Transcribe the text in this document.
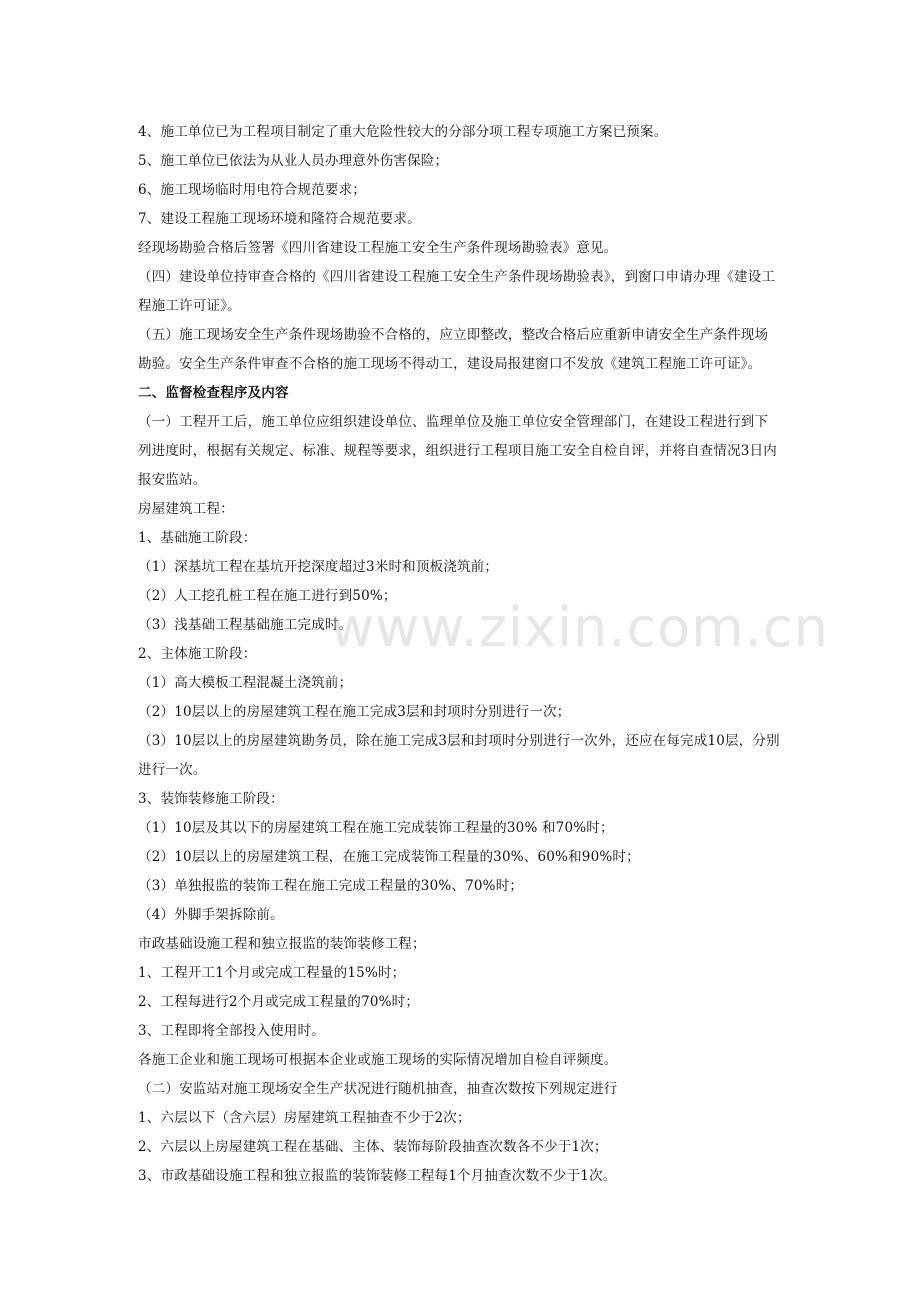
4、施工单位已为工程项目制定了重大危险性较大的分部分项工程专项施工方案已预案。
5、施工单位已依法为从业人员办理意外伤害保险；
6、施工现场临时用电符合规范要求；
7、建设工程施工现场环境和隆符合规范要求。
经现场勘验合格后签署《四川省建设工程施工安全生产条件现场勘验表》意见。
（四）建设单位持审查合格的《四川省建设工程施工安全生产条件现场勘验表》，到窗口申请办理《建设工
程施工许可证》。
（五）施工现场安全生产条件现场勘验不合格的，应立即整改，整改合格后应重新申请安全生产条件现场
勘验。安全生产条件审查不合格的施工现场不得动工，建设局报建窗口不发放《建筑工程施工许可证》。
二、监督检查程序及内容
（一）工程开工后，施工单位应组织建设单位、监理单位及施工单位安全管理部门，在建设工程进行到下
列进度时，根据有关规定、标准、规程等要求，组织进行工程项目施工安全自检自评，并将自查情况3日内
报安监站。
房屋建筑工程：
1、基础施工阶段：
（1）深基坑工程在基坑开挖深度超过3米时和顶板浇筑前；
（2）人工挖孔桩工程在施工进行到50%；
（3）浅基础工程基础施工完成时。
2、主体施工阶段：
（1）高大模板工程混凝土浇筑前；
（2）10层以上的房屋建筑工程在施工完成3层和封项时分别进行一次；
（3）10层以上的房屋建筑勘务员，除在施工完成3层和封项时分别进行一次外，还应在每完成10层，分别
进行一次。
3、装饰装修施工阶段：
（1）10层及其以下的房屋建筑工程在施工完成装饰工程量的30% 和70%时；
（2）10层以上的房屋建筑工程，在施工完成装饰工程量的30%、60%和90%时；
（3）单独报监的装饰工程在施工完成工程量的30%、70%时；
（4）外脚手架拆除前。
市政基础设施工程和独立报监的装饰装修工程；
1、工程开工1个月或完成工程量的15%时；
2、工程每进行2个月或完成工程量的70%时；
3、工程即将全部投入使用时。
各施工企业和施工现场可根据本企业或施工现场的实际情况增加自检自评频度。
（二）安监站对施工现场安全生产状况进行随机抽查，抽查次数按下列规定进行
1、六层以下（含六层）房屋建筑工程抽查不少于2次；
2、六层以上房屋建筑工程在基础、主体、装饰每阶段抽查次数各不少于1次；
3、市政基础设施工程和独立报监的装饰装修工程每1个月抽查次数不少于1次。
www.zixin.com.cn
